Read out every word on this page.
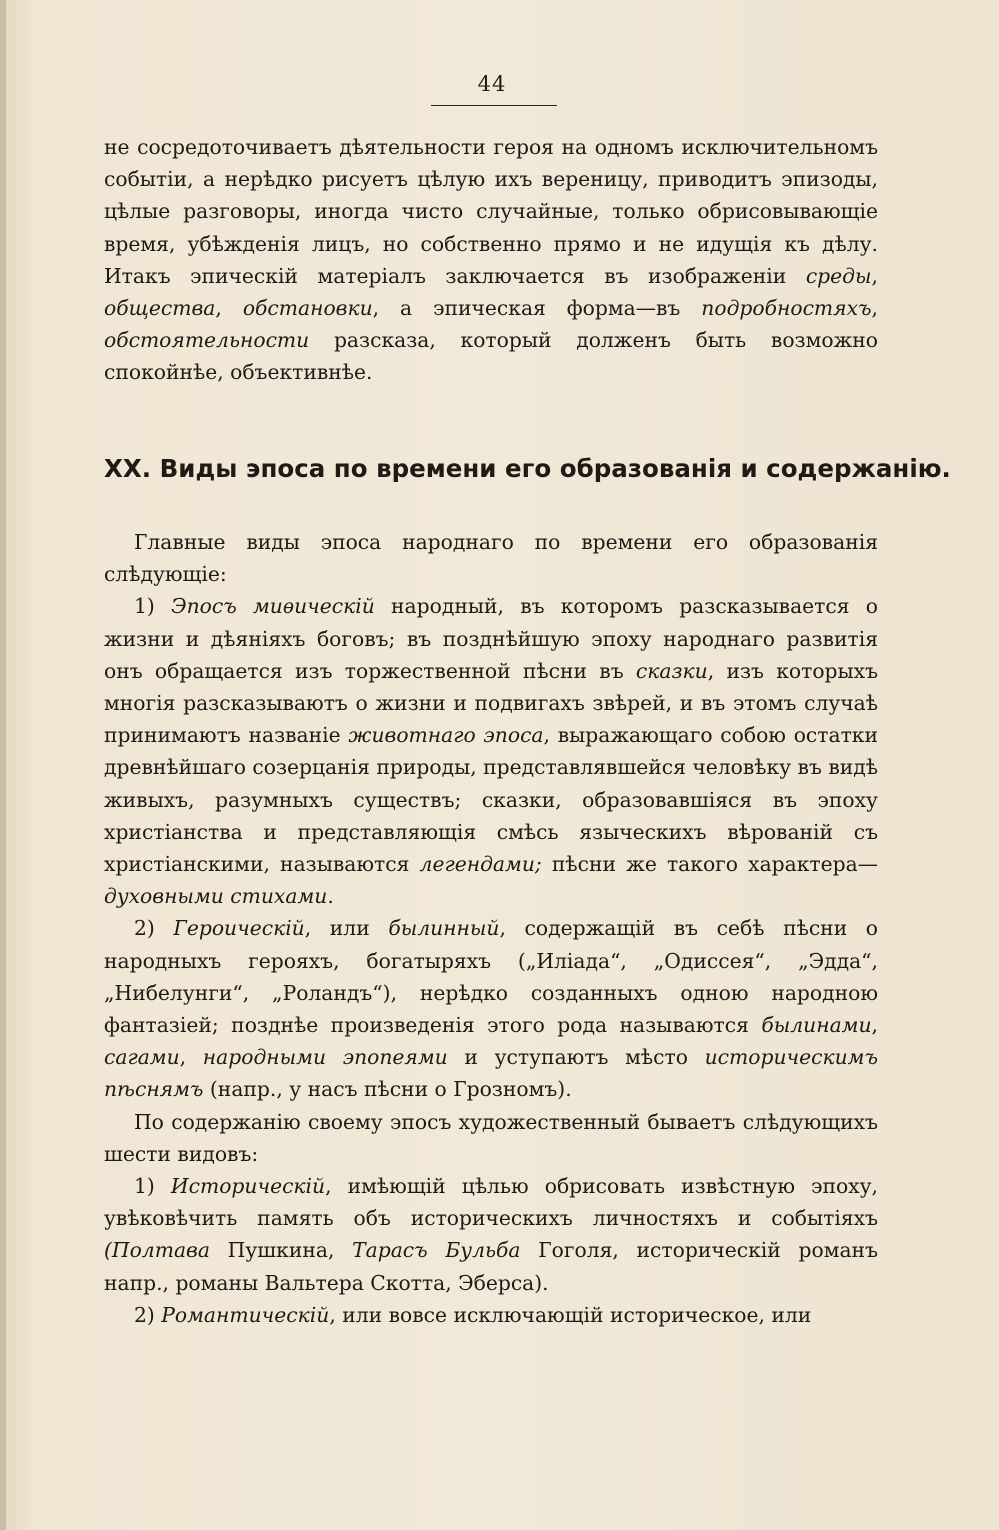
44

не сосредоточиваетъ дѣятельности героя на одномъ исключительномъ событіи, а нерѣдко рисуетъ цѣлую ихъ вереницу, приводитъ эпизоды, цѣлые разговоры, иногда чисто случайные, только обрисовывающіе время, убѣжденія лицъ, но собственно прямо и не идущія къ дѣлу. Итакъ эпическій матеріалъ заключается въ изображеніи среды, общества, обстановки, а эпическая форма—въ подробностяхъ, обстоятельности разсказа, который долженъ быть возможно спокойнѣе, объективнѣе.

XX. Виды эпоса по времени его образованія и содержанію.

Главные виды эпоса народнаго по времени его образованія слѣдующіе:

1) Эпосъ миѳическій народный, въ которомъ разсказывается о жизни и дѣяніяхъ боговъ; въ позднѣйшую эпоху народнаго развитія онъ обращается изъ торжественной пѣсни въ сказки, изъ которыхъ многія разсказываютъ о жизни и подвигахъ звѣрей, и въ этомъ случаѣ принимаютъ названіе животнаго эпоса, выражающаго собою остатки древнѣйшаго созерцанія природы, представлявшейся человѣку въ видѣ живыхъ, разумныхъ существъ; сказки, образовавшіяся въ эпоху христіанства и представляющія смѣсь языческихъ вѣрованій съ христіанскими, называются легендами; пѣсни же такого характера—духовными стихами.

2) Героическій, или былинный, содержащій въ себѣ пѣсни о народныхъ герояхъ, богатыряхъ („Иліада“, „Одиссея“, „Эдда“, „Нибелунги“, „Роландъ“), нерѣдко созданныхъ одною народною фантазіей; позднѣе произведенія этого рода называются былинами, сагами, народными эпопеями и уступаютъ мѣсто историческимъ пѣснямъ (напр., у насъ пѣсни о Грозномъ).

По содержанію своему эпосъ художественный бываетъ слѣдующихъ шести видовъ:

1) Историческій, имѣющій цѣлью обрисовать извѣстную эпоху, увѣковѣчить память объ историческихъ личностяхъ и событіяхъ (Полтава Пушкина, Тарасъ Бульба Гоголя, историческій романъ напр., романы Вальтера Скотта, Эберса).

2) Романтическій, или вовсе исключающій историческое, или
